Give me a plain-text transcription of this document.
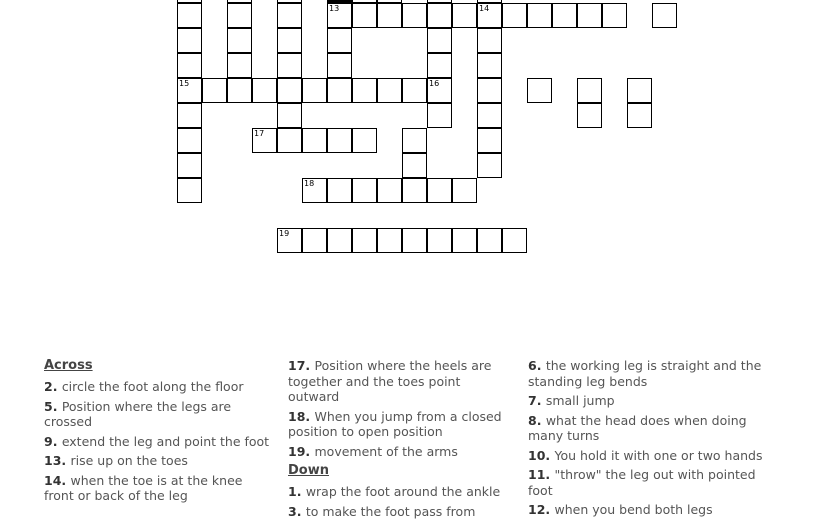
14
13
15	16
17
18
19
Across
2. circle the foot along the floor
5. Position where the legs are crossed
9. extend the leg and point the foot
13. rise up on the toes
14. when the toe is at the knee front or back of the leg
17. Position where the heels are together and the toes point outward
18. When you jump from a closed position to open position
19. movement of the arms
Down
1. wrap the foot around the ankle
3. to make the foot pass from
6. the working leg is straight and the standing leg bends
7. small jump
8. what the head does when doing many turns
10. You hold it with one or two hands
11. "throw" the leg out with pointed foot
12. when you bend both legs
